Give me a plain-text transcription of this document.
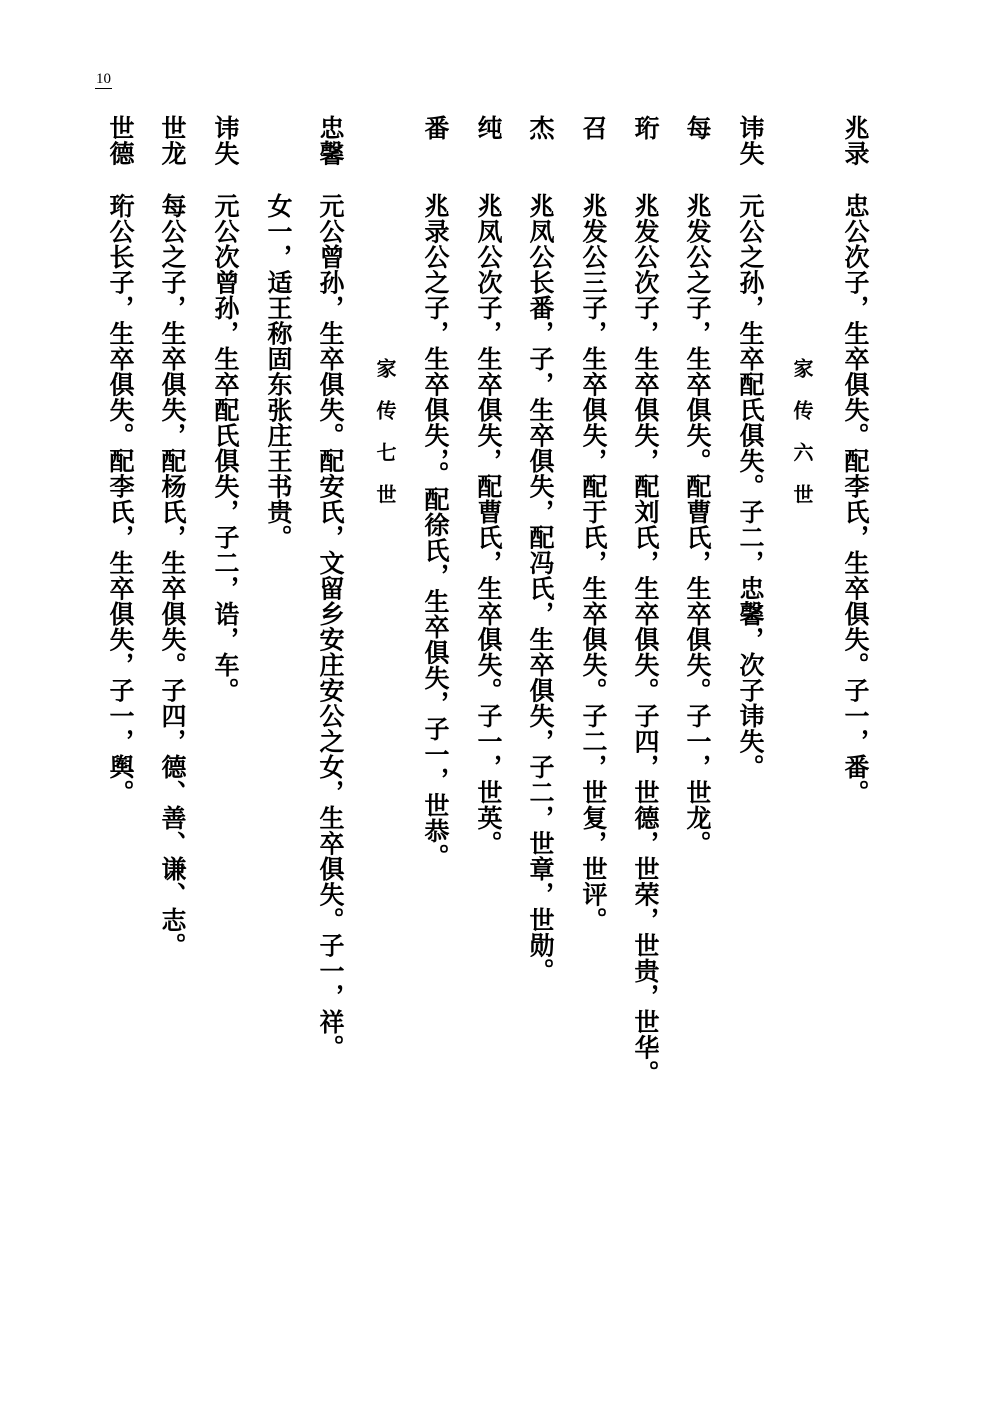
10
兆录
忠公次子，生卒俱失。配李氏，生卒俱失。子一，番。
家传六世
讳失
元公之孙，生卒配氏俱失。子二，忠馨，次子讳失。
每
兆发公之子，生卒俱失。配曹氏，生卒俱失。子一，世龙。
珩
兆发公次子，生卒俱失，配刘氏，生卒俱失。子四，世德，世荣，世贵，世华。
召
兆发公三子，生卒俱失，配于氏，生卒俱失。子二，世复，世评。
杰
兆凤公长番，子，生卒俱失，配冯氏，生卒俱失，子二，世章，世勋。
纯
兆凤公次子，生卒俱失，配曹氏，生卒俱失。子一，世英。
番
兆录公之子，生卒俱失，。配徐氏，生卒俱失，子一，世恭。
家传七世
忠馨
元公曾孙，生卒俱失。配安氏，文留乡安庄安公之女，生卒俱失。子一，祥。
女一，适王称固东张庄王书贵。
讳失
元公次曾孙，生卒配氏俱失，子二，诰，车。
世龙
每公之子，生卒俱失，配杨氏，生卒俱失。子四，德、善、谦、志。
世德
珩公长子，生卒俱失。配李氏，生卒俱失，子一，舆。
